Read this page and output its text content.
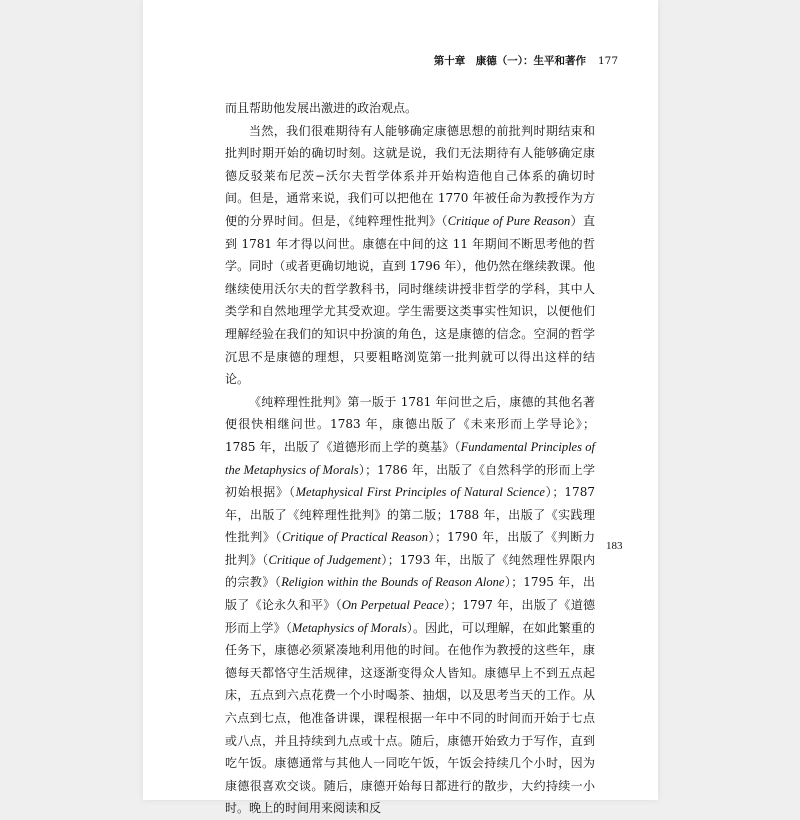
第十章　康德（一）：生平和著作 177

而且帮助他发展出激进的政治观点。

当然，我们很难期待有人能够确定康德思想的前批判时期结束和批判时期开始的确切时刻。这就是说，我们无法期待有人能够确定康德反驳莱布尼茨−沃尔夫哲学体系并开始构造他自己体系的确切时间。但是，通常来说，我们可以把他在 1770 年被任命为教授作为方便的分界时间。但是，《纯粹理性批判》（Critique of Pure Reason）直到 1781 年才得以问世。康德在中间的这 11 年期间不断思考他的哲学。同时（或者更确切地说，直到 1796 年），他仍然在继续教课。他继续使用沃尔夫的哲学教科书，同时继续讲授非哲学的学科，其中人类学和自然地理学尤其受欢迎。学生需要这类事实性知识，以便他们理解经验在我们的知识中扮演的角色，这是康德的信念。空洞的哲学沉思不是康德的理想，只要粗略浏览第一批判就可以得出这样的结论。

《纯粹理性批判》第一版于 1781 年问世之后，康德的其他名著便很快相继问世。1783 年，康德出版了《未来形而上学导论》；1785 年，出版了《道德形而上学的奠基》（Fundamental Principles of the Metaphysics of Morals）；1786 年，出版了《自然科学的形而上学初始根据》（Metaphysical First Principles of Natural Science）；1787 年，出版了《纯粹理性批判》的第二版；1788 年，出版了《实践理性批判》（Critique of Practical Reason）；1790 年，出版了《判断力批判》（Critique of Judgement）；1793 年，出版了《纯然理性界限内的宗教》（Religion within the Bounds of Reason Alone）；1795 年，出版了《论永久和平》（On Perpetual Peace）；1797 年，出版了《道德形而上学》（Metaphysics of Morals）。因此，可以理解，在如此繁重的任务下，康德必须紧凑地利用他的时间。在他作为教授的这些年，康德每天都恪守生活规律，这逐渐变得众人皆知。康德早上不到五点起床，五点到六点花费一个小时喝茶、抽烟，以及思考当天的工作。从六点到七点，他准备讲课，课程根据一年中不同的时间而开始于七点或八点，并且持续到九点或十点。随后，康德开始致力于写作，直到吃午饭。康德通常与其他人一同吃午饭，午饭会持续几个小时，因为康德很喜欢交谈。随后，康德开始每日都进行的散步，大约持续一小时。晚上的时间用来阅读和反

183
